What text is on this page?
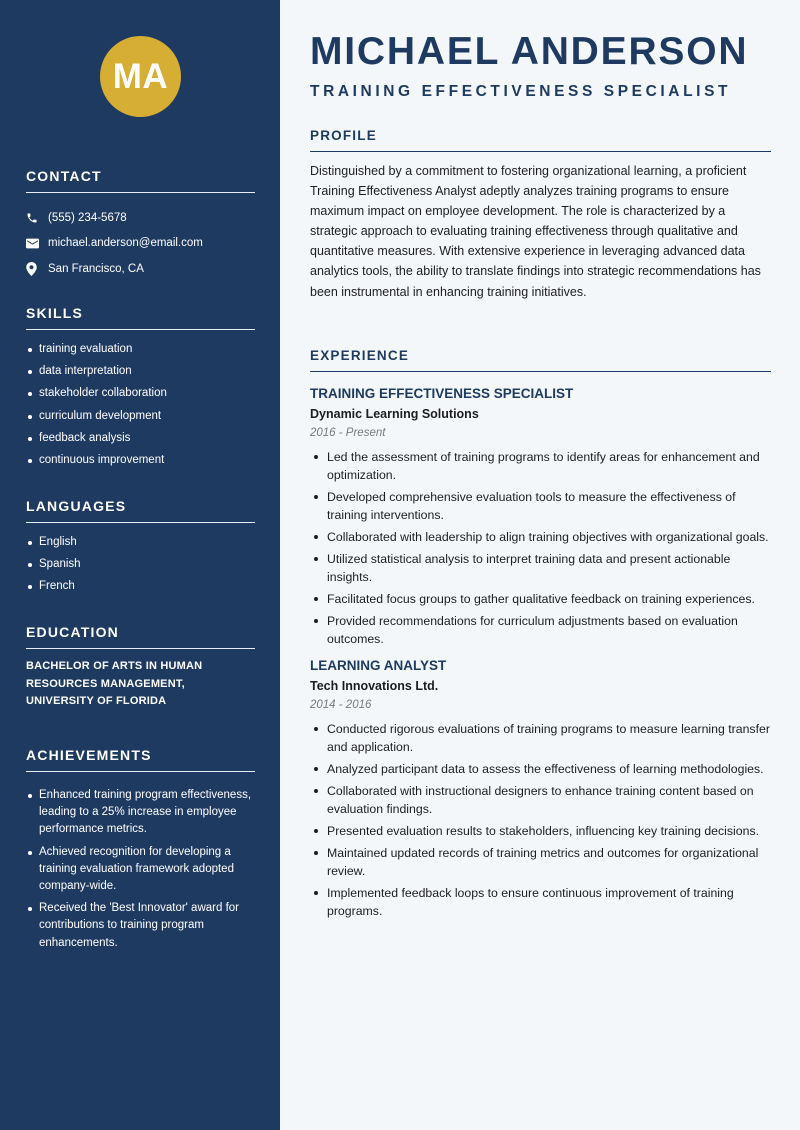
MA
CONTACT
(555) 234-5678
michael.anderson@email.com
San Francisco, CA
SKILLS
training evaluation
data interpretation
stakeholder collaboration
curriculum development
feedback analysis
continuous improvement
LANGUAGES
English
Spanish
French
EDUCATION

BACHELOR OF ARTS IN HUMAN RESOURCES MANAGEMENT, UNIVERSITY OF FLORIDA

ACHIEVEMENTS
Enhanced training program effectiveness, leading to a 25% increase in employee performance metrics.
Achieved recognition for developing a training evaluation framework adopted company-wide.
Received the 'Best Innovator' award for contributions to training program enhancements.
MICHAEL ANDERSON
TRAINING EFFECTIVENESS SPECIALIST
PROFILE

Distinguished by a commitment to fostering organizational learning, a proficient Training Effectiveness Analyst adeptly analyzes training programs to ensure maximum impact on employee development. The role is characterized by a strategic approach to evaluating training effectiveness through qualitative and quantitative measures. With extensive experience in leveraging advanced data analytics tools, the ability to translate findings into strategic recommendations has been instrumental in enhancing training initiatives.

EXPERIENCE
TRAINING EFFECTIVENESS SPECIALIST
Dynamic Learning Solutions
2016 - Present
Led the assessment of training programs to identify areas for enhancement and optimization.
Developed comprehensive evaluation tools to measure the effectiveness of training interventions.
Collaborated with leadership to align training objectives with organizational goals.
Utilized statistical analysis to interpret training data and present actionable insights.
Facilitated focus groups to gather qualitative feedback on training experiences.
Provided recommendations for curriculum adjustments based on evaluation outcomes.
LEARNING ANALYST
Tech Innovations Ltd.
2014 - 2016
Conducted rigorous evaluations of training programs to measure learning transfer and application.
Analyzed participant data to assess the effectiveness of learning methodologies.
Collaborated with instructional designers to enhance training content based on evaluation findings.
Presented evaluation results to stakeholders, influencing key training decisions.
Maintained updated records of training metrics and outcomes for organizational review.
Implemented feedback loops to ensure continuous improvement of training programs.
